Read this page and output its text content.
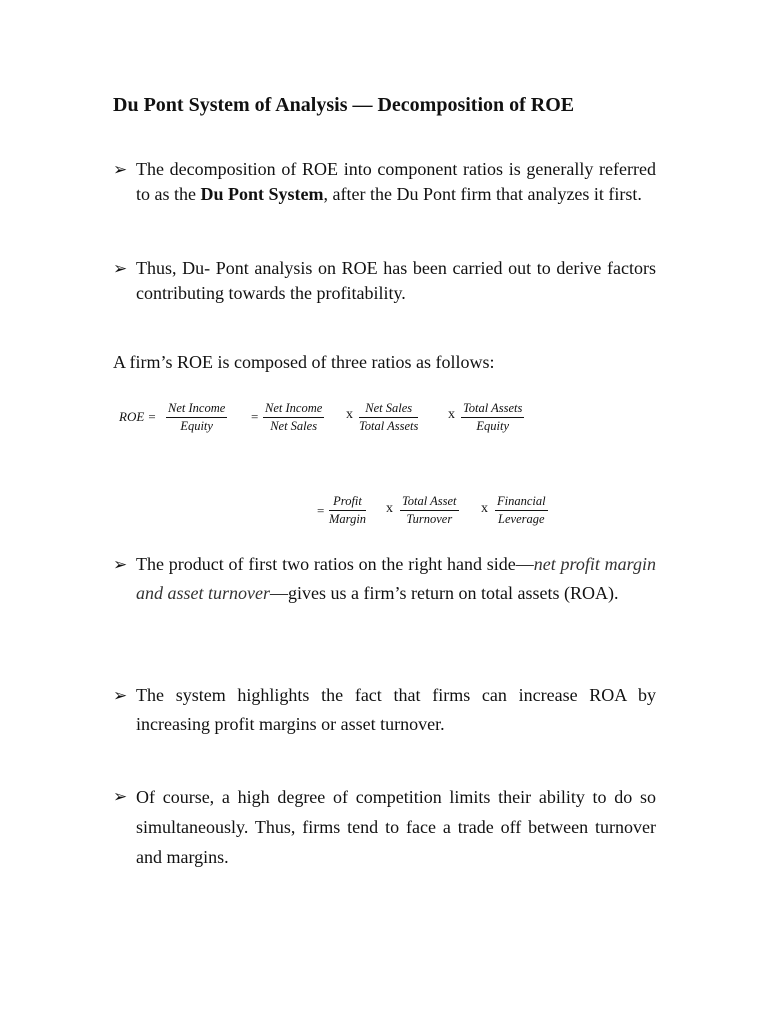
Du Pont System of Analysis — Decomposition of ROE
➢ The decomposition of ROE into component ratios is generally referred to as the Du Pont System, after the Du Pont firm that analyzes it first.
➢ Thus, Du- Pont analysis on ROE has been carried out to derive factors contributing towards the profitability.

A firm’s ROE is composed of three ratios as follows:

ROE =
Net Income
Equity
=
Net Income
Net Sales
x Net Sales
Total Assets
x Total Assets
Equity
=
Profit
Margin
x Total Asset
Turnover
x Financial
Leverage
➢ The product of first two ratios on the right hand side—net profit margin and asset turnover—gives us a firm’s return on total assets (ROA).
➢ The system highlights the fact that firms can increase ROA by increasing profit margins or asset turnover.
➢ Of course, a high degree of competition limits their ability to do so simultaneously. Thus, firms tend to face a trade off between turnover and margins.
